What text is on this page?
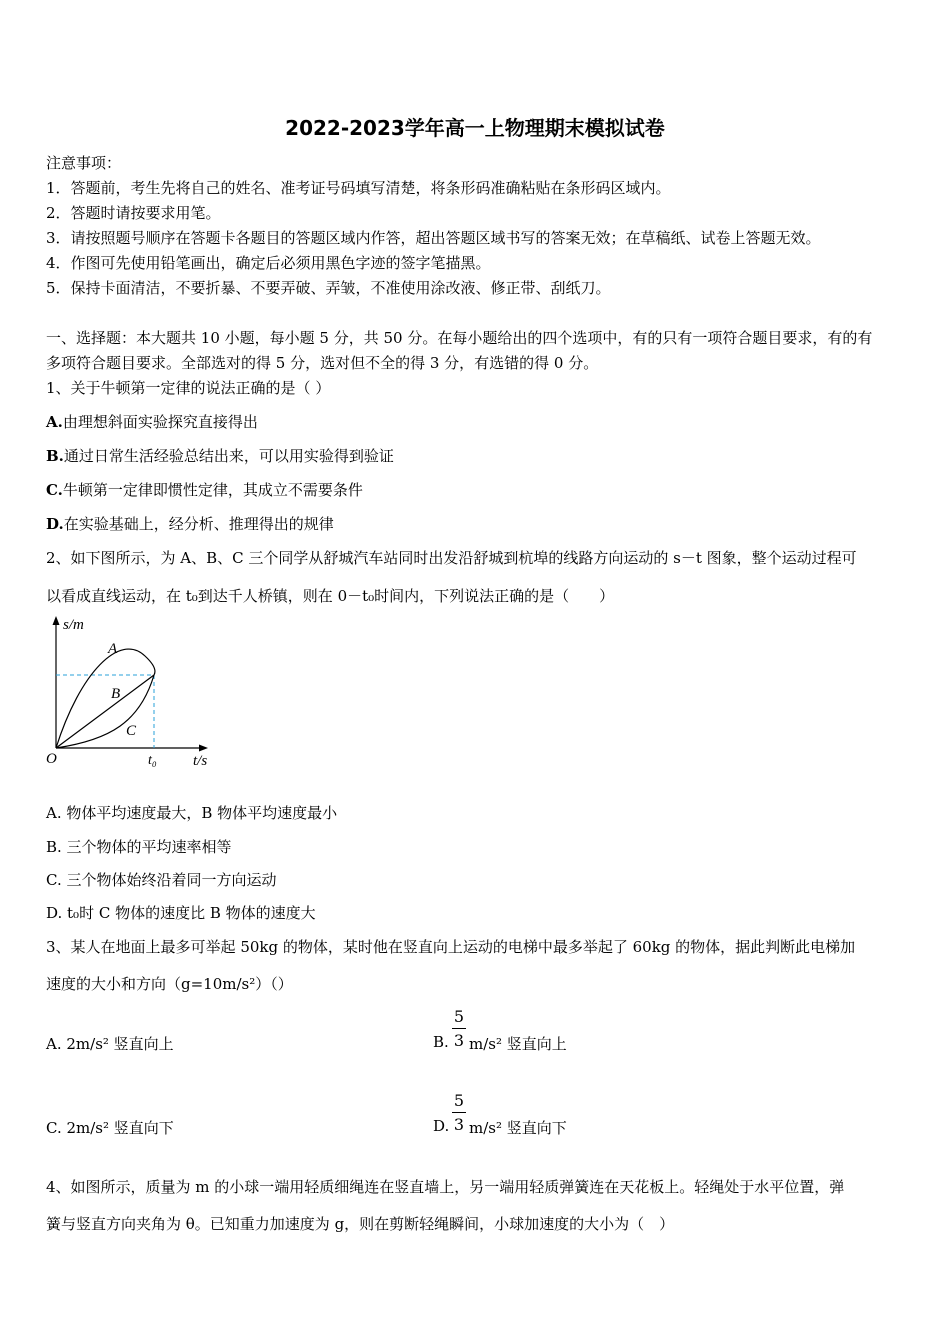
2022-2023学年高一上物理期末模拟试卷
注意事项：
1．答题前，考生先将自己的姓名、准考证号码填写清楚，将条形码准确粘贴在条形码区域内。
2．答题时请按要求用笔。
3．请按照题号顺序在答题卡各题目的答题区域内作答，超出答题区域书写的答案无效；在草稿纸、试卷上答题无效。
4．作图可先使用铅笔画出，确定后必须用黑色字迹的签字笔描黑。
5．保持卡面清洁，不要折暴、不要弄破、弄皱，不准使用涂改液、修正带、刮纸刀。
一、选择题：本大题共 10 小题，每小题 5 分，共 50 分。在每小题给出的四个选项中，有的只有一项符合题目要求，有的有
多项符合题目要求。全部选对的得 5 分，选对但不全的得 3 分，有选错的得 0 分。
1、关于牛顿第一定律的说法正确的是（ ）
A.由理想斜面实验探究直接得出
B.通过日常生活经验总结出来，可以用实验得到验证
C.牛顿第一定律即惯性定律，其成立不需要条件
D.在实验基础上，经分析、推理得出的规律
2、如下图所示，为 A、B、C 三个同学从舒城汽车站同时出发沿舒城到杭埠的线路方向运动的 s－t 图象，整个运动过程可
以看成直线运动，在 t₀到达千人桥镇，则在 0－t₀时间内，下列说法正确的是（　　）
s/m
t/s
O	t₀
A
B
C
A. 物体平均速度最大，B 物体平均速度最小
B. 三个物体的平均速率相等
C. 三个物体始终沿着同一方向运动
D. t₀时 C 物体的速度比 B 物体的速度大
3、某人在地面上最多可举起 50kg 的物体，某时他在竖直向上运动的电梯中最多举起了 60kg 的物体，据此判断此电梯加
速度的大小和方向（g=10m/s²）（）
A. 2m/s² 竖直向上	B.
5
3 m/s² 竖直向上
C. 2m/s² 竖直向下	D.
5
3 m/s² 竖直向下
4、如图所示，质量为 m 的小球一端用轻质细绳连在竖直墙上，另一端用轻质弹簧连在天花板上。轻绳处于水平位置，弹
簧与竖直方向夹角为 θ。已知重力加速度为 g，则在剪断轻绳瞬间，小球加速度的大小为（　）
